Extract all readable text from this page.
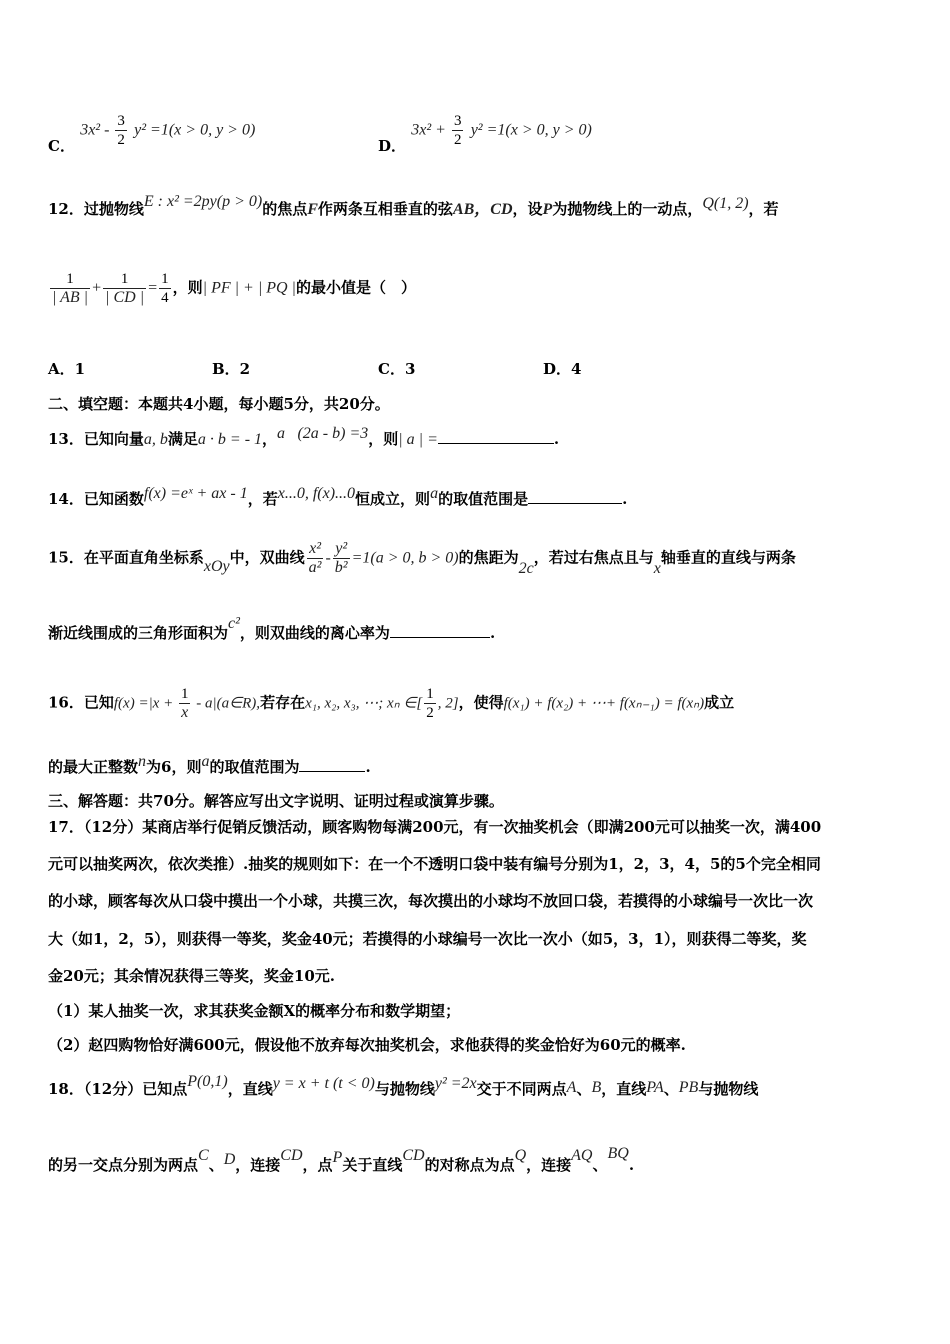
C． $3x^2 - \frac{3}{2} y^2 =1(x > 0$, y > 0)
D． $3x^2 + \frac{3}{2} y^2 =1(x > 0$, y > 0)
12．过抛物线E : x² =2py(p > 0)的焦点F作两条互相垂直的弦AB，CD，设P为抛物线上的一动点，Q(1, 2)，若
$\frac{1}{| AB |} + \frac{1}{| CD |} = \frac{1}{4}$ ，则| PF | + | PQ |的最小值是（　）
A．1	B．2	C．3	D．4
二、填空题：本题共4小题，每小题5分，共20分。
13．已知向量a, b满足a · b = - 1，a⃗(2a - b) =3，则| a | =	.
14．已知函数f(x) =eˣ + ax - 1，若x...0, f(x)...0恒成立，则a的取值范围是	.
15．在平面直角坐标系xOy中，双曲线 $\frac{\text{x²}}{\text{a²}} - \frac{\text{y²}}{\text{b²}} =1(a > 0$, b > 0)的焦距为2c，若过右焦点且与x轴垂直的直线与两条
渐近线围成的三角形面积为c²，则双曲线的离心率为	.
16．已知$f(x) =|x + \frac{1}{x}$ - a|(a∈R),若存在x₁, x₂, x₃, ⋯; xₙ ∈[ $\frac{1}{2}$ , 2]，使得f(x₁) + f(x₂) + ⋯+ f(xₙ₋₁) = f(xₙ)成立
的最大正整数n为6，则a的取值范围为	.
三、解答题：共70分。解答应写出文字说明、证明过程或演算步骤。
17．（12分）某商店举行促销反馈活动，顾客购物每满200元，有一次抽奖机会（即满200元可以抽奖一次，满400
元可以抽奖两次，依次类推）.抽奖的规则如下：在一个不透明口袋中装有编号分别为1，2，3，4，5的5个完全相同
的小球，顾客每次从口袋中摸出一个小球，共摸三次，每次摸出的小球均不放回口袋，若摸得的小球编号一次比一次
大（如1，2，5），则获得一等奖，奖金40元；若摸得的小球编号一次比一次小（如5，3，1），则获得二等奖，奖
金20元；其余情况获得三等奖，奖金10元.
（1）某人抽奖一次，求其获奖金额X的概率分布和数学期望；
（2）赵四购物恰好满600元，假设他不放弃每次抽奖机会，求他获得的奖金恰好为60元的概率.
18．（12分）已知点P(0,1)，直线y = x + t (t < 0)与抛物线y² =2x交于不同两点A、B，直线PA、PB与抛物线
的另一交点分别为两点C、D，连接CD，点P关于直线CD的对称点为点Q，连接AQ、BQ.
